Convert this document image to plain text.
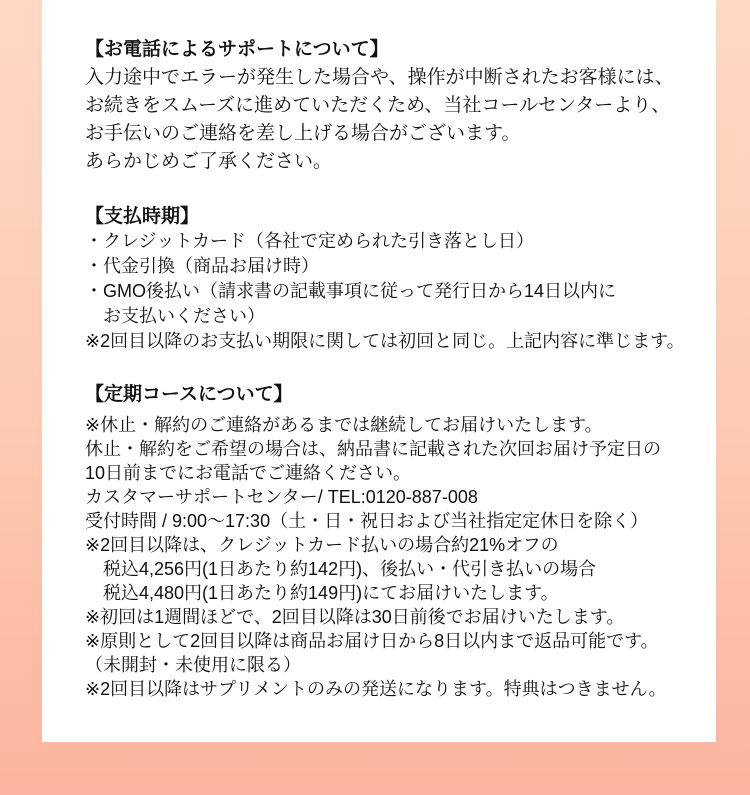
【お電話によるサポートについて】
入力途中でエラーが発生した場合や、操作が中断されたお客様には、
お続きをスムーズに進めていただくため、当社コールセンターより、
お手伝いのご連絡を差し上げる場合がございます。
あらかじめご了承ください。
【支払時期】
・クレジットカード（各社で定められた引き落とし日）
・代金引換（商品お届け時）
・GMO後払い（請求書の記載事項に従って発行日から14日以内に
　お支払いください）
※2回目以降のお支払い期限に関しては初回と同じ。上記内容に準じます。
【定期コースについて】
※休止・解約のご連絡があるまでは継続してお届けいたします。
休止・解約をご希望の場合は、納品書に記載された次回お届け予定日の
10日前までにお電話でご連絡ください。
カスタマーサポートセンター/ TEL:0120-887-008
受付時間 / 9:00〜17:30（土・日・祝日および当社指定定休日を除く）
※2回目以降は、クレジットカード払いの場合約21%オフの
　税込4,256円(1日あたり約142円)、後払い・代引き払いの場合
　税込4,480円(1日あたり約149円)にてお届けいたします。
※初回は1週間ほどで、2回目以降は30日前後でお届けいたします。
※原則として2回目以降は商品お届け日から8日以内まで返品可能です。
（未開封・未使用に限る）
※2回目以降はサプリメントのみの発送になります。特典はつきません。
